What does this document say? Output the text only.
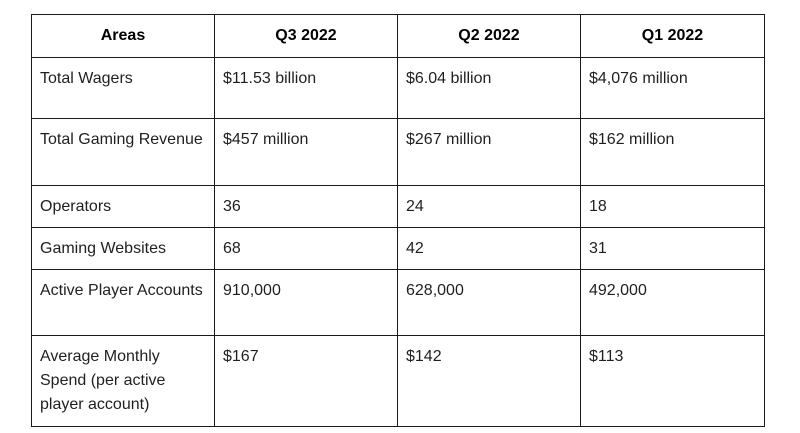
Areas	Q3 2022	Q2 2022	Q1 2022
Total Wagers	$11.53 billion	$6.04 billion	$4,076 million
Total Gaming Revenue	$457 million	$267 million	$162 million
Operators	36	24	18
Gaming Websites	68	42	31
Active Player Accounts	910,000	628,000	492,000
Average Monthly Spend (per active player account)	$167	$142	$113
